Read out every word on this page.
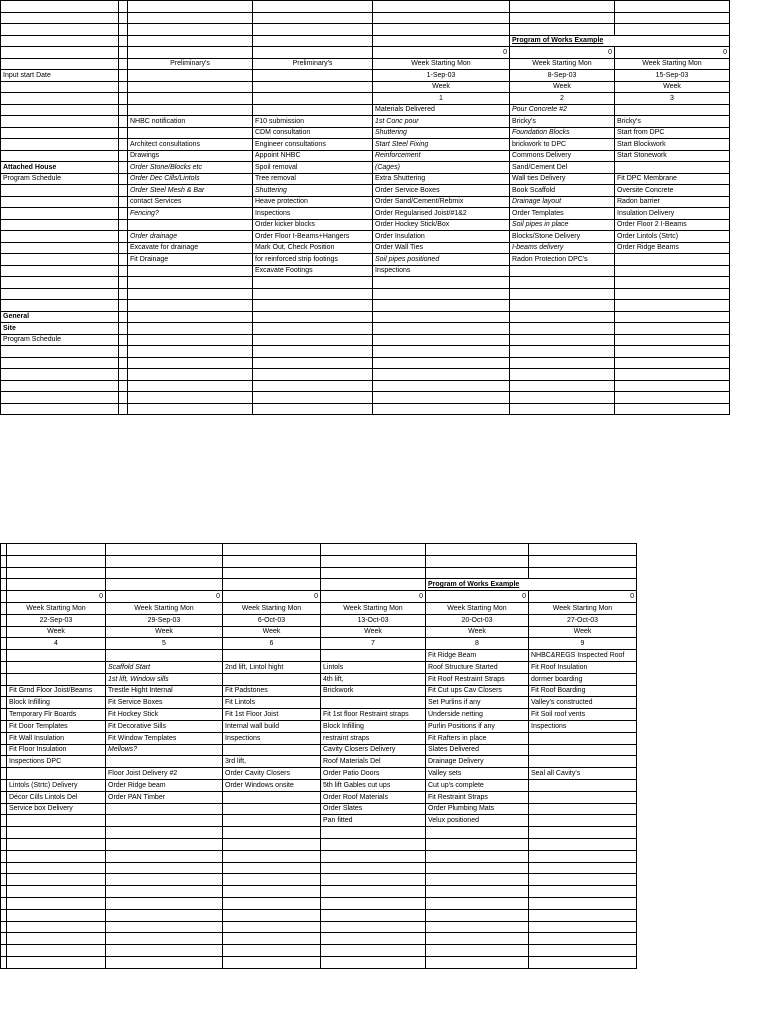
					Program of Works Example	
				0	0	0
		Preliminary's	Preliminary's	Week Starting Mon	Week Starting Mon	Week Starting Mon
Input start Date				1-Sep-03	8-Sep-03	15-Sep-03
				Week	Week	Week
				1	2	3
				Materials Delivered	Pour Concrete #2	
		NHBC notification	F10 submission	1st Conc pour	Bricky's	Bricky's
			CDM consultation	Shuttering	Foundation Blocks	Start from DPC
		Architect consultations	Engineer consultations	Start Steel Fixing	brickwork to DPC	Start Blockwork
		Drawings	Appoint NHBC	Reinforcement	Commons Delivery	Start Stonework
Attached House		Order Stone/Blocks etc	Spoil removal	(Cages)	Sand/Cement Del	
Program Schedule		Order Dec Cills/Lintols	Tree removal	Extra Shuttering	Wall ties Delivery	Fit DPC Membrane
		Order Steel Mesh & Bar	Shuttering	Order Service Boxes	Book Scaffold	Oversite Concrete
		contact Services	Heave protection	Order Sand/Cement/Rebmix	Drainage layout	Radon barrier
		Fencing?	Inspections	Order Regularised Joist/#1&2	Order Templates	Insulation Delivery
			Order kicker blocks	Order Hockey Stick/Box	Soil pipes in place	Order Floor 2 I-Beams
		Order drainage	Order Floor I-Beams+Hangers	Order Insulation	Blocks/Stone Delivery	Order Lintols (Strtc)
		Excavate for drainage	Mark Out, Check Position	Order Wall Ties	I-beams delivery	Order Ridge Beams
		Fit Drainage	for reinforced strip footings	Soil pipes positioned	Radon Protection DPC's	
			Excavate Footings	Inspections		

General						
Site						
Program Schedule						

					Program of Works Example	
	0	0	0	0	0	0
	Week Starting Mon	Week Starting Mon	Week Starting Mon	Week Starting Mon	Week Starting Mon	Week Starting Mon
	22-Sep-03	29-Sep-03	6-Oct-03	13-Oct-03	20-Oct-03	27-Oct-03
	Week	Week	Week	Week	Week	Week
	4	5	6	7	8	9
					Fit Ridge Beam	NHBC&REGS Inspected Roof
		Scaffold Start	2nd lift, Lintol hight	Lintols	Roof Structure Started	Fit Roof Insulation
		1st lift, Window sills		4th lift,	Fit Roof Restraint Straps	dormer boarding
	Fit Grnd Floor Joist/Beams	Trestle Hight Internal	Fit Padstones	Brickwork	Fit Cut ups Cav Closers	Fit Roof Boarding
	Block Infilling	Fit Service Boxes	Fit Lintols		Set Purlins if any	Valley's constructed
	Temporary Flr Boards	Fit Hockey Stick	Fit 1st Floor Joist	Fit 1st floor Restraint straps	Underside netting	Fit Soil roof vents
	Fit Door Templates	Fit Decorative Sills	Internal wall build	Block Infilling	Purlin Positions if any	Inspections
	Fit Wall Insulation	Fit Window Templates	Inspections	restraint straps	Fit Rafters in place	
	Fit Floor Insulation	Mellows?		Cavity Closers Delivery	Slates Delivered	
	Inspections DPC		3rd lift,	Roof Materials Del	Drainage Delivery	
		Floor Joist Delivery #2	Order Cavity Closers	Order Patio Doors	Valley sets	Seal all Cavity's
	Lintols (Strtc) Delivery	Order Ridge beam	Order Windows onsite	5th lift Gables cut ups	Cut up's complete	
	Décor Cills Lintols Del	Order PAN Timber		Order Roof Materials	Fit Restraint Straps	
	Service box Delivery			Order Slates	Order Plumbing Mats	
				Pan fitted	Velux positioned	
